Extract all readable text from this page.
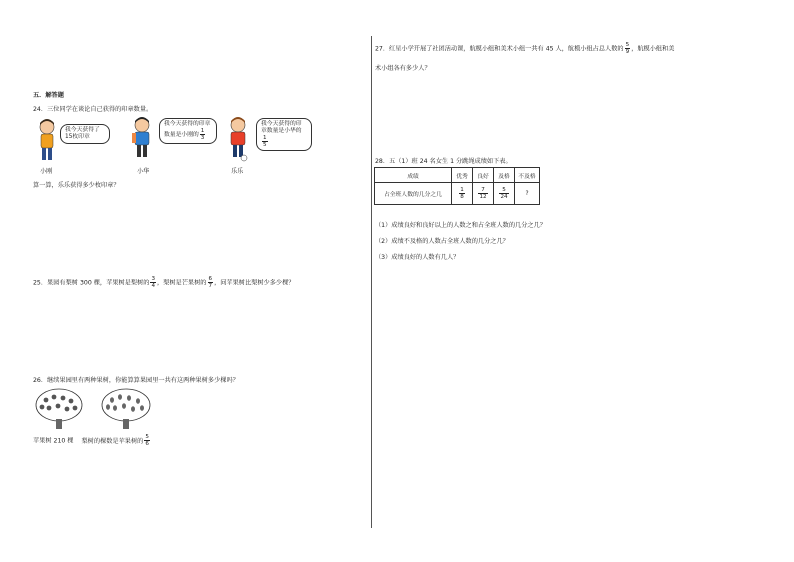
五．解答题
24．三位同学在谈论自己获得的印章数量。
我今天获得了15枚印章
小刚
我今天获得的印章数量是小刚的 $\frac{1}{3}$
小华
我今天获得的印章数量是小华的
$\frac{1}{5}$
乐乐
算一算，乐乐获得多少枚印章？
25．果园有梨树 300 棵，苹果树是梨树的 $\frac{3}{4}$ ，梨树是芒果树的 $\frac{6}{7}$ ，问苹果树比梨树少多少棵？
26．继续果园里有两种果树，你能算算果园里一共有这两种果树多少棵吗？
苹果树 210 棵 梨树的棵数是苹果树的 $\frac{5}{6}$
27．红星小学开展了社团活动课，航模小组和美术小组一共有 45 人，航模小组占总人数的 $\frac{5}{9}$ ，航模小组和美
术小组各有多少人？
28．五（1）班 24 名女生 1 分跳绳成绩如下表。
成绩	优秀	良好	及格	不及格
占全班人数的几分之几	$\frac{1}{8}$	$\frac{7}{12}$	$\frac{5}{24}$	?
（1）成绩良好和良好以上的人数之和占全班人数的几分之几？
（2）成绩不及格的人数占全班人数的几分之几？
（3）成绩良好的人数有几人？
